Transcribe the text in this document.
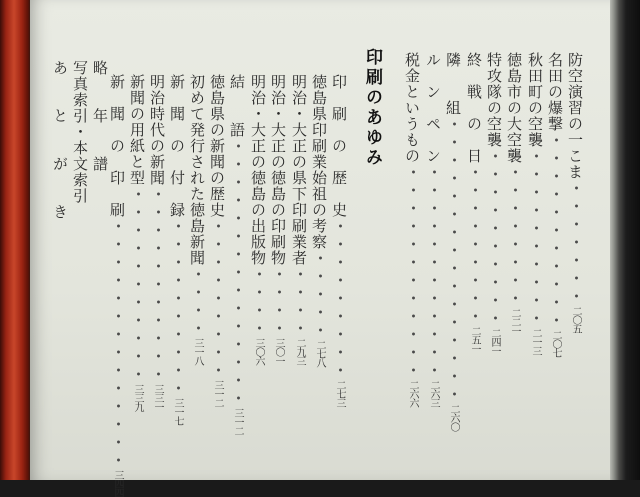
防空演習の一こま・・・・・・・二〇五
名田の爆撃・・・・・・・・・・・二〇七
秋田町の空襲・・・・・・・・・・二一三
徳島市の大空襲・・・・・・・・二二一
特攻隊の空襲・・・・・・・・・・二四一
終　戦　の　日・・・・・・・・・二五一
隣　　組・・・・・・・・・・・・・・・・二六〇
ル　ン　ペ　ン・・・・・・・・・・・・二六三
税金というもの・・・・・・・・・・・・二六六
印刷のあゆみ
印　刷　の　歴　史・・・・・・・・・二七三
徳島県印刷業始祖の考察・・・・・二七八
明治・大正の県下印刷業者・・・・二九三
明治・大正の徳島の印刷物・・・・三〇一
明治・大正の徳島の出版物・・・・三〇六
結　　語・・・・・・・・・・・・・・・三一二
徳島県の新聞の歴史・・・・・・・・・三一二
初めて発行された徳島新聞・・・・三一八
新　聞　の　付　録・・・・・・・・・・三一七
明治時代の新聞・・・・・・・・・・・三三一
新聞の用紙と型・・・・・・・・・・・三三九
新　聞　の　印　刷・・・・・・・・・・・・・・三四四
略　年　譜
写真索引・本文索引
あ　と　が　き
